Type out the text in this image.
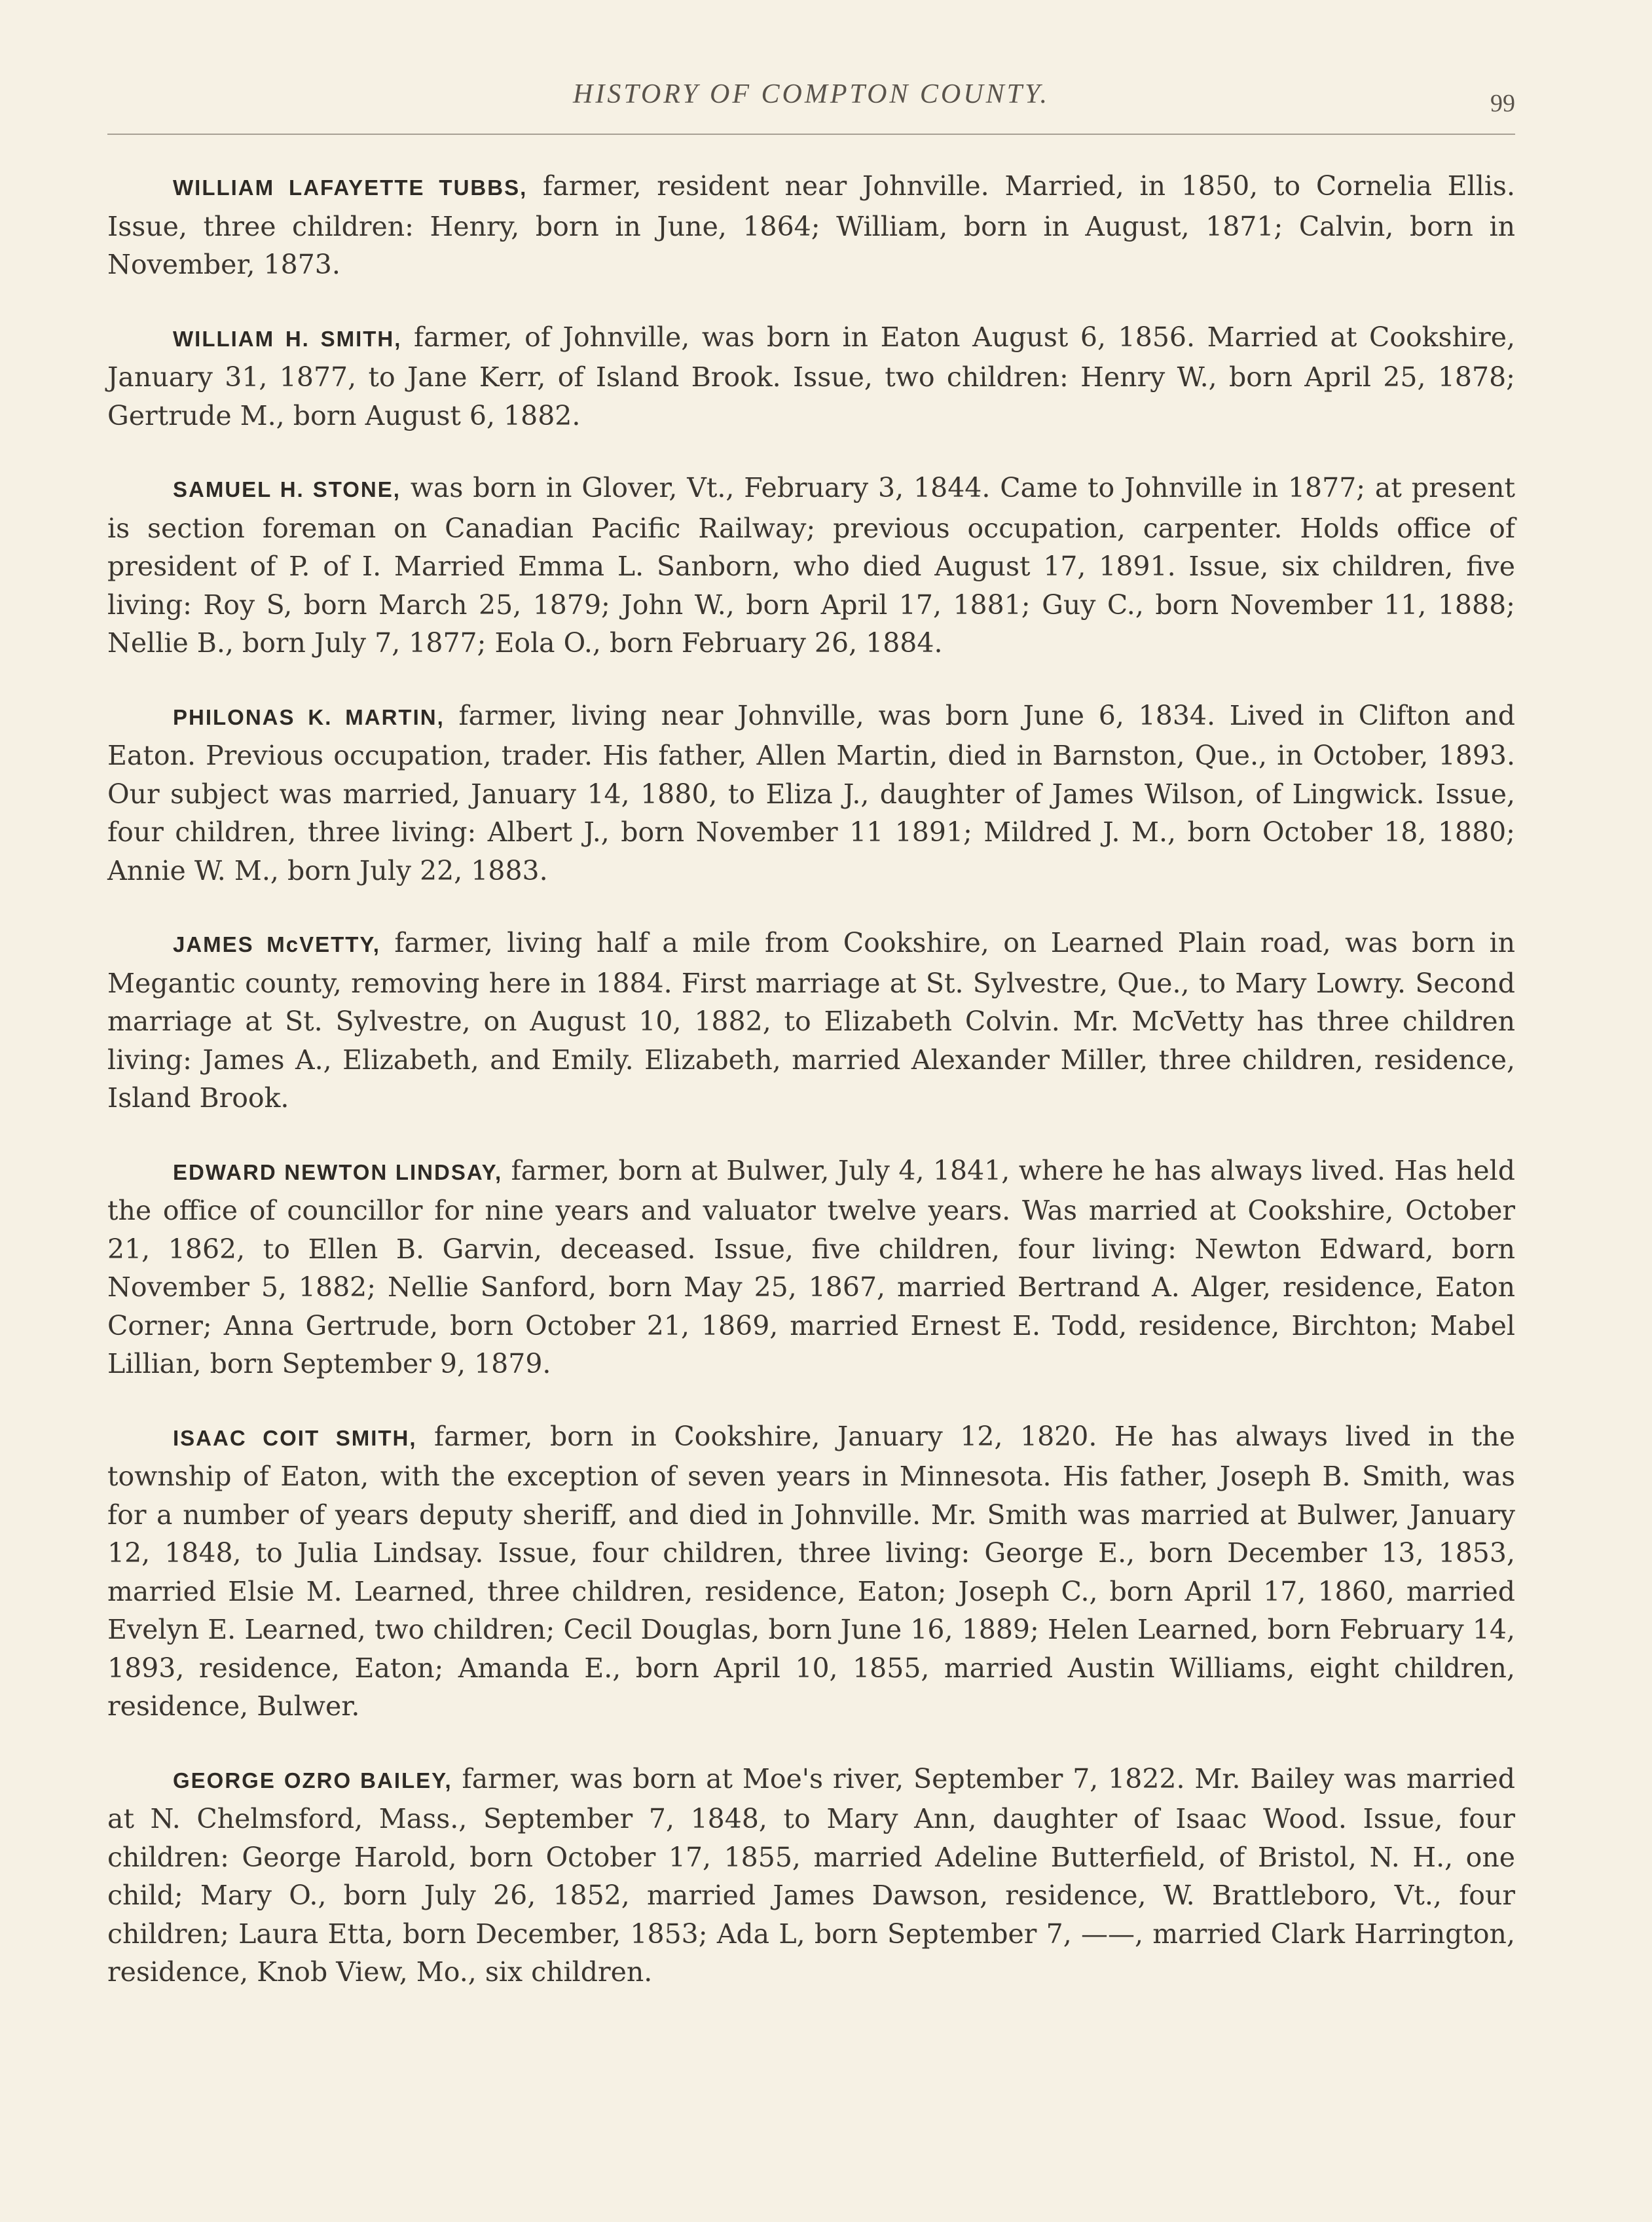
HISTORY OF COMPTON COUNTY.	99

WILLIAM LAFAYETTE TUBBS, farmer, resident near Johnville. Married, in 1850, to Cornelia Ellis. Issue, three children: Henry, born in June, 1864; William, born in August, 1871; Calvin, born in November, 1873.

WILLIAM H. SMITH, farmer, of Johnville, was born in Eaton August 6, 1856. Married at Cookshire, January 31, 1877, to Jane Kerr, of Island Brook. Issue, two children: Henry W., born April 25, 1878; Gertrude M., born August 6, 1882.

SAMUEL H. STONE, was born in Glover, Vt., February 3, 1844. Came to Johnville in 1877; at present is section foreman on Canadian Pacific Railway; previous occupation, carpenter. Holds office of president of P. of I. Married Emma L. Sanborn, who died August 17, 1891. Issue, six children, five living: Roy S, born March 25, 1879; John W., born April 17, 1881; Guy C., born November 11, 1888; Nellie B., born July 7, 1877; Eola O., born February 26, 1884.

PHILONAS K. MARTIN, farmer, living near Johnville, was born June 6, 1834. Lived in Clifton and Eaton. Previous occupation, trader. His father, Allen Martin, died in Barnston, Que., in October, 1893. Our subject was married, January 14, 1880, to Eliza J., daughter of James Wilson, of Lingwick. Issue, four children, three living: Albert J., born November 11 1891; Mildred J. M., born October 18, 1880; Annie W. M., born July 22, 1883.

JAMES McVETTY, farmer, living half a mile from Cookshire, on Learned Plain road, was born in Megantic county, removing here in 1884. First marriage at St. Sylvestre, Que., to Mary Lowry. Second marriage at St. Sylvestre, on August 10, 1882, to Elizabeth Colvin. Mr. McVetty has three children living: James A., Elizabeth, and Emily. Elizabeth, married Alexander Miller, three children, residence, Island Brook.

EDWARD NEWTON LINDSAY, farmer, born at Bulwer, July 4, 1841, where he has always lived. Has held the office of councillor for nine years and valuator twelve years. Was married at Cookshire, October 21, 1862, to Ellen B. Garvin, deceased. Issue, five children, four living: Newton Edward, born November 5, 1882; Nellie Sanford, born May 25, 1867, married Bertrand A. Alger, residence, Eaton Corner; Anna Gertrude, born October 21, 1869, married Ernest E. Todd, residence, Birchton; Mabel Lillian, born September 9, 1879.

ISAAC COIT SMITH, farmer, born in Cookshire, January 12, 1820. He has always lived in the township of Eaton, with the exception of seven years in Minnesota. His father, Joseph B. Smith, was for a number of years deputy sheriff, and died in Johnville. Mr. Smith was married at Bulwer, January 12, 1848, to Julia Lindsay. Issue, four children, three living: George E., born December 13, 1853, married Elsie M. Learned, three children, residence, Eaton; Joseph C., born April 17, 1860, married Evelyn E. Learned, two children; Cecil Douglas, born June 16, 1889; Helen Learned, born February 14, 1893, residence, Eaton; Amanda E., born April 10, 1855, married Austin Williams, eight children, residence, Bulwer.

GEORGE OZRO BAILEY, farmer, was born at Moe's river, September 7, 1822. Mr. Bailey was married at N. Chelmsford, Mass., September 7, 1848, to Mary Ann, daughter of Isaac Wood. Issue, four children: George Harold, born October 17, 1855, married Adeline Butterfield, of Bristol, N. H., one child; Mary O., born July 26, 1852, married James Dawson, residence, W. Brattleboro, Vt., four children; Laura Etta, born December, 1853; Ada L, born September 7, ——, married Clark Harrington, residence, Knob View, Mo., six children.
